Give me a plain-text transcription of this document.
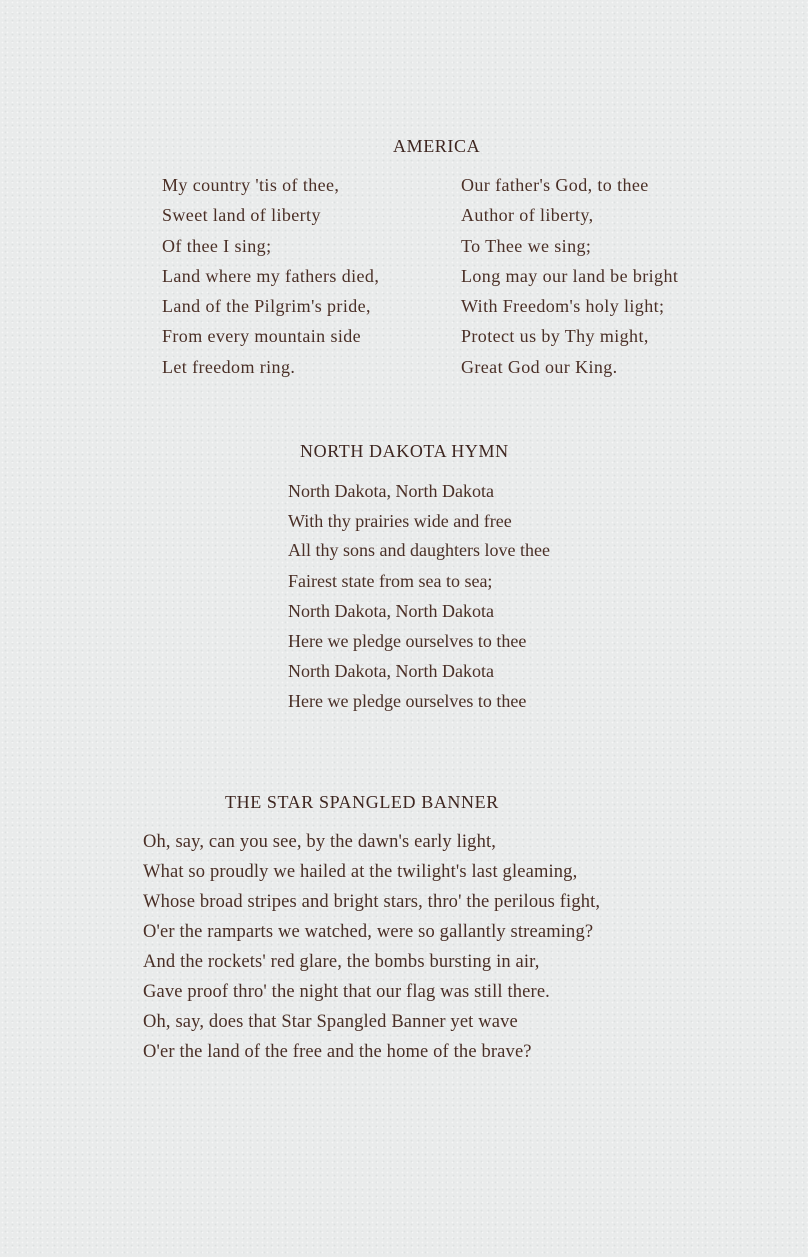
AMERICA
My country 'tis of thee,
Sweet land of liberty
Of thee I sing;
Land where my fathers died,
Land of the Pilgrim's pride,
From every mountain side
Let freedom ring.
Our father's God, to thee
Author of liberty,
To Thee we sing;
Long may our land be bright
With Freedom's holy light;
Protect us by Thy might,
Great God our King.
NORTH DAKOTA HYMN
North Dakota, North Dakota
With thy prairies wide and free
All thy sons and daughters love thee
Fairest state from sea to sea;
North Dakota, North Dakota
Here we pledge ourselves to thee
North Dakota, North Dakota
Here we pledge ourselves to thee
THE STAR SPANGLED BANNER
Oh, say, can you see, by the dawn's early light,
What so proudly we hailed at the twilight's last gleaming,
Whose broad stripes and bright stars, thro' the perilous fight,
O'er the ramparts we watched, were so gallantly streaming?
And the rockets' red glare, the bombs bursting in air,
Gave proof thro' the night that our flag was still there.
Oh, say, does that Star Spangled Banner yet wave
O'er the land of the free and the home of the brave?
